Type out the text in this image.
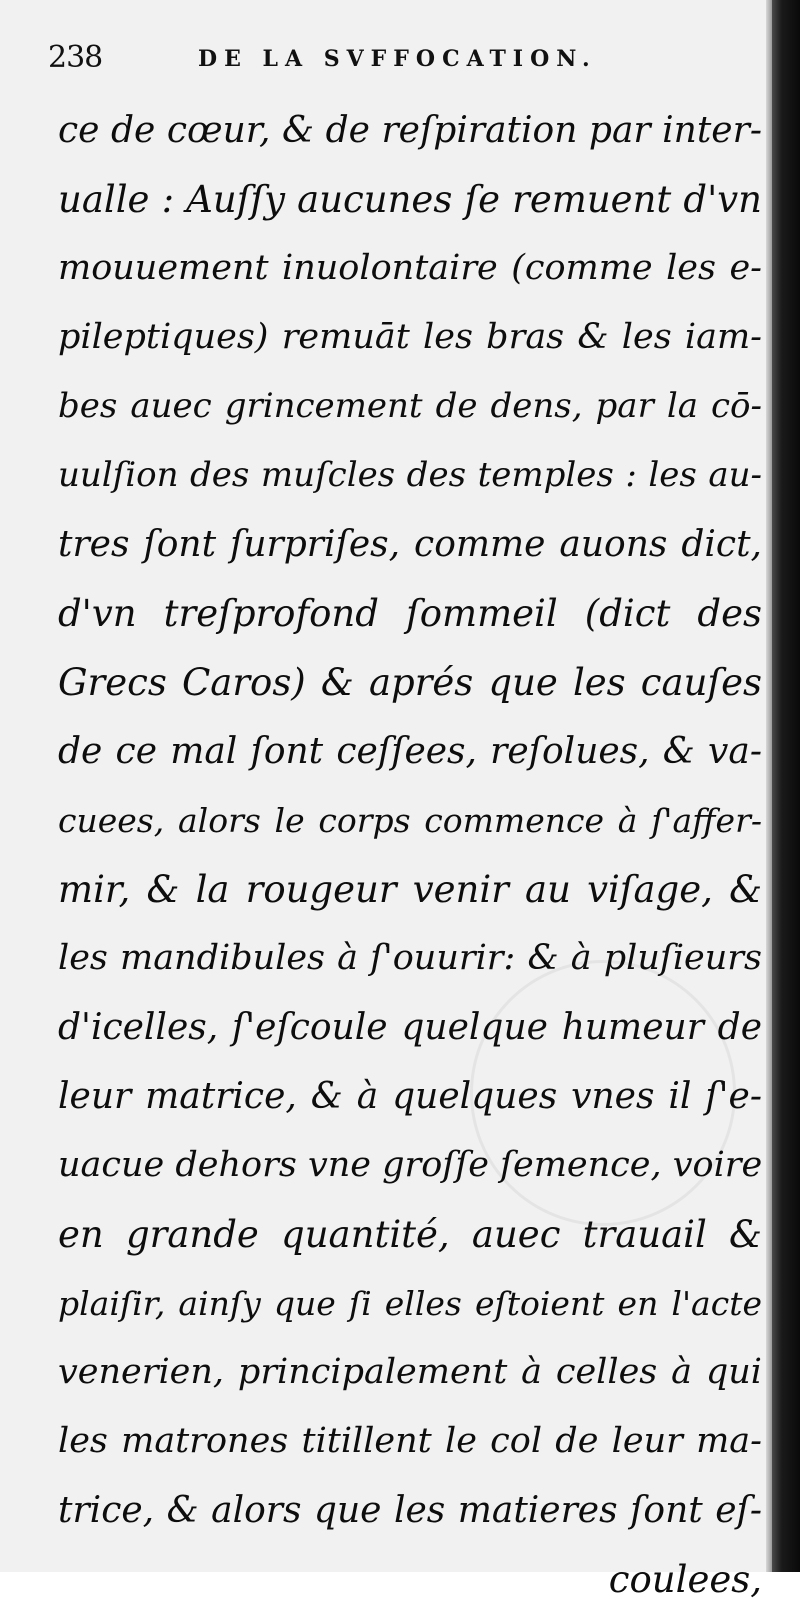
238	DE LA SVFFOCATION.
ce de cœur, & de reſpiration par inter-
ualle : Auſſy aucunes ſe remuent d'vn
mouuement inuolontaire (comme les e-
pileptiques) remuāt les bras & les iam-
bes auec grincement de dens, par la cō-
uulſion des muſcles des temples : les au-
tres ſont ſurpriſes, comme auons dict,
d'vn treſprofond ſommeil (dict des
Grecs Caros) & aprés que les cauſes
de ce mal ſont ceſſees, reſolues, & va-
cuees, alors le corps commence à ſ'affer-
mir, & la rougeur venir au viſage, &
les mandibules à ſ'ouurir: & à pluſieurs
d'icelles, ſ'eſcoule quelque humeur de
leur matrice, & à quelques vnes il ſ'e-
uacue dehors vne groſſe ſemence, voire
en grande quantité, auec trauail &
plaiſir, ainſy que ſi elles eſtoient en l'acte
venerien, principalement à celles à qui
les matrones titillent le col de leur ma-
trice, & alors que les matieres ſont eſ-
coulees,
